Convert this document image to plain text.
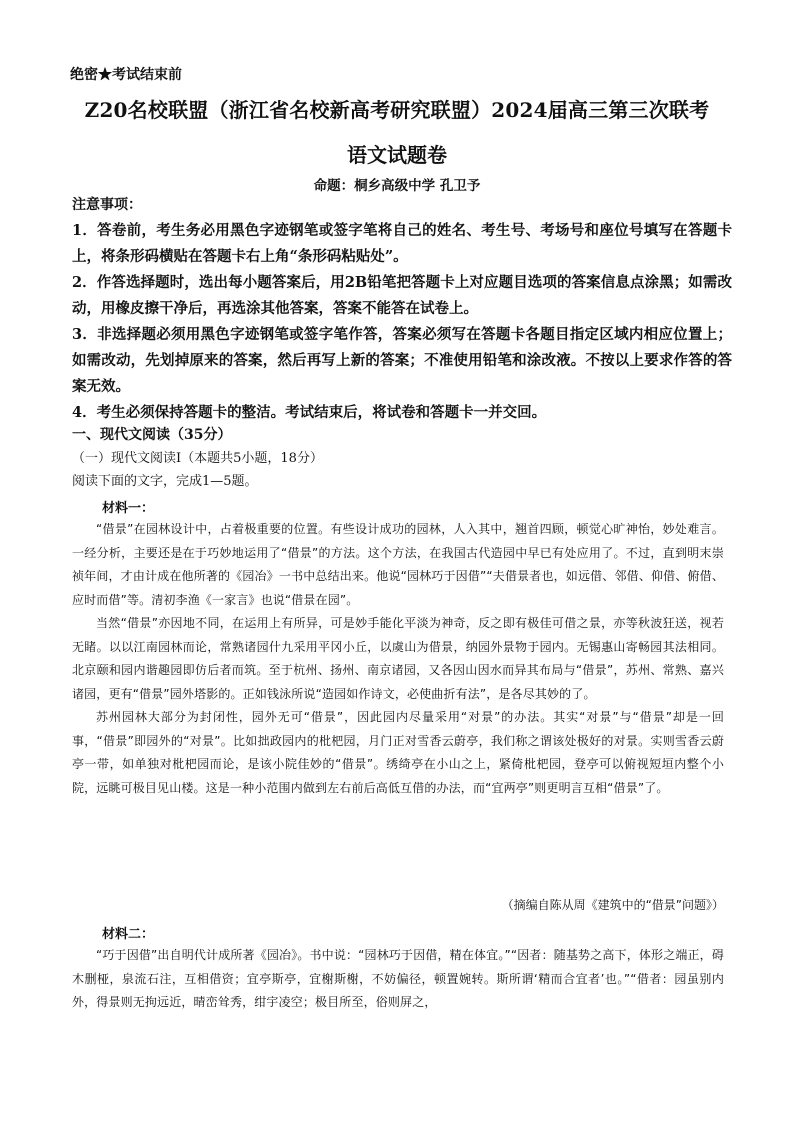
绝密★考试结束前
Z20名校联盟（浙江省名校新高考研究联盟）2024届高三第三次联考
语文试题卷
命题：桐乡高级中学 孔卫予
注意事项：
1．答卷前，考生务必用黑色字迹钢笔或签字笔将自己的姓名、考生号、考场号和座位号填写在答题卡上，将条形码横贴在答题卡右上角“条形码粘贴处”。
2．作答选择题时，选出每小题答案后，用2B铅笔把答题卡上对应题目选项的答案信息点涂黑；如需改动，用橡皮擦干净后，再选涂其他答案，答案不能答在试卷上。
3．非选择题必须用黑色字迹钢笔或签字笔作答，答案必须写在答题卡各题目指定区域内相应位置上；如需改动，先划掉原来的答案，然后再写上新的答案；不准使用铅笔和涂改液。不按以上要求作答的答案无效。
4．考生必须保持答题卡的整洁。考试结束后，将试卷和答题卡一并交回。
一、现代文阅读（35分）
（一）现代文阅读Ⅰ（本题共5小题，18分）
阅读下面的文字，完成1—5题。
材料一：

“借景”在园林设计中，占着极重要的位置。有些设计成功的园林，人入其中，翘首四顾，顿觉心旷神怡，妙处难言。一经分析，主要还是在于巧妙地运用了“借景”的方法。这个方法，在我国古代造园中早已有处应用了。不过，直到明末崇祯年间，才由计成在他所著的《园冶》一书中总结出来。他说“园林巧于因借”“夫借景者也，如远借、邻借、仰借、俯借、应时而借”等。清初李渔《一家言》也说“借景在园”。

当然“借景”亦因地不同，在运用上有所异，可是妙手能化平淡为神奇，反之即有极佳可借之景，亦等秋波狂送，视若无睹。以以江南园林而论，常熟诸园什九采用平冈小丘，以虞山为借景，纳园外景物于园内。无锡惠山寄畅园其法相同。北京颐和园内谐趣园即仿后者而筑。至于杭州、扬州、南京诸园，又各因山因水而异其布局与“借景”，苏州、常熟、嘉兴诸园，更有“借景”园外塔影的。正如钱泳所说“造园如作诗文，必使曲折有法”，是各尽其妙的了。

苏州园林大部分为封闭性，园外无可“借景”，因此园内尽量采用“对景”的办法。其实“对景”与“借景”却是一回事，“借景”即园外的“对景”。比如拙政园内的枇杷园，月门正对雪香云蔚亭，我们称之谓该处极好的对景。实则雪香云蔚亭一带，如单独对枇杷园而论，是该小院佳妙的“借景”。绣绮亭在小山之上，紧倚枇杷园，登亭可以俯视短垣内整个小院，远眺可极目见山楼。这是一种小范围内做到左右前后高低互借的办法，而“宜两亭”则更明言互相“借景”了。

（摘编自陈从周《建筑中的“借景”问题》）
材料二：

“巧于因借”出自明代计成所著《园冶》。书中说：“园林巧于因借，精在体宜。”“因者：随基势之高下，体形之端正，碍木删桠，泉流石注，互相借资；宜亭斯亭，宜榭斯榭，不妨偏径，顿置婉转。斯所谓‘精而合宜者’也。”“借者：园虽别内外，得景则无拘远近，晴峦耸秀，绀宇凌空；极目所至，俗则屏之，
